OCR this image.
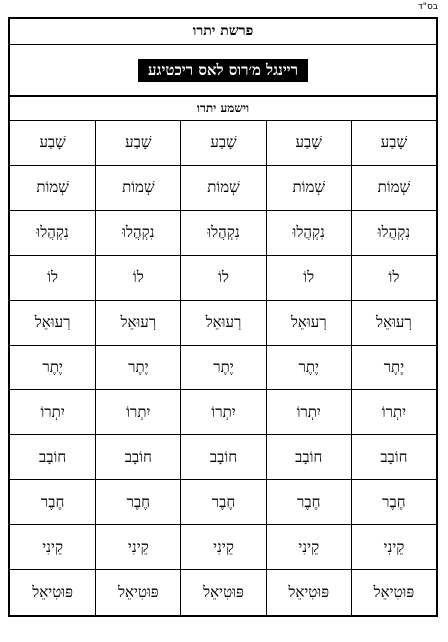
בס"ד
פרשת יתרו
רײנגל מ׳רוס לאס ריכטיגע
וישמע יתרו
שָׁבַע
שָׁבַע
שָׁבַע
שָׁבַע
שָׁבַע
שְׁמוֹת
שְׁמוֹת
שְׁמוֹת
שְׁמוֹת
שְׁמוֹת
נִקְהֲלוּ
נִקְהֲלוּ
נִקְהֲלוּ
נִקְהֲלוּ
נִקְהֲלוּ
לוֹ
לוֹ
לוֹ
לוֹ
לוֹ
רְעוּאֵל
רְעוּאֵל
רְעוּאֵל
רְעוּאֵל
רְעוּאֵל
יֶתֶר
יֶתֶר
יֶתֶר
יֶתֶר
יֶתֶר
יִתְרוֹ
יִתְרוֹ
יִתְרוֹ
יִתְרוֹ
יִתְרוֹ
חוֹבָב
חוֹבָב
חוֹבָב
חוֹבָב
חוֹבָב
חֶבֶר
חֶבֶר
חֶבֶר
חֶבֶר
חֶבֶר
קֵינִי
קֵינִי
קֵינִי
קֵינִי
קֵינִי
פּוּטִיאֵל
פּוּטִיאֵל
פּוּטִיאֵל
פּוּטִיאֵל
פּוּטִיאֵל
